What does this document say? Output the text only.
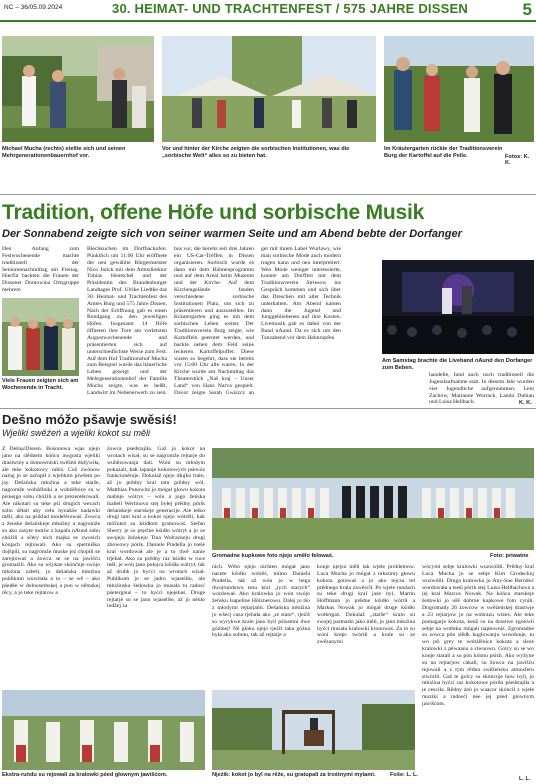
NC – 36/05.09.2024	30. HEIMAT- UND TRACHTENFEST / 575 JAHRE DISSEN	5
Michael Mucha (rechts) stellte sich und seinen Mehrgenerationenbauernhof vor.
Vor und hinter der Kirche zeigten die sorbischen Institutionen, was die „sorbische Welt“ alles so zu bieten hat.
Im Kräutergarten rückte der Traditionsverein Burg der Kartoffel auf die Pelle.	Fotos: K. K.
Tradition, offene Höfe und sorbische Musik
Der Sonnabend zeigte sich von seiner warmen Seite und am Abend bebte der Dorfanger
Den Anfang zum Festwochenende machte traditionell der Seniorennachmittag am Freitag. Hierfür backten die Frauen der Dissener Domowina Ortsgruppe mehrere
Viele Frauen zeigten sich am Wochenende in Tracht.
Blechkuchen im Dorfbackofen. Pünktlich um 11:00 Uhr eröffnete der neu gewählte Bürgermeister Nico Jarick mit dem Amtsdirektor Tobias Hentschel und der Präsidentin des Brandenburger Landtages Prof. Ulrike Liedtke das 30. Heimat- und Trachtenfest des Amtes Burg und 575 Jahre Dissen. Nach der Eröffnung gab es einen Rundgang zu den jeweiligen Höfen. Insgesamt 14 Höfe öffneten ihre Tore am vorletzten Augustwochenende und präsentierten sich auf unterschiedlichste Weise zum Fest. Auf dem Hof Traditionshof Mucha zum Beispiel wurde das bäuerliche Leben gezeigt und der Mehrgenerationenhof der Familie Mucha zeigte, was es heißt, Landwirt im Nebenerwerb zu sein.
bus vor, die bereits seit drei Jahren ein US-Car-Treffen in Dissen organisieren. Sorbisch wurde es dann mit dem Bühnenprogramm und auf dem Areal beim Museum und der Kirche. Auf dem Kirchengelände fanden verschiedene sorbische Institutionen Platz, um sich zu präsentieren und auszustellen. Im Kräutergarten ging es mit dem sorbischen Leben weiter. Der Traditionsverein Burg zeigte, wie Kartoffeln geerntet werden, und backte neben dem Feld seine leckeren Kartoffelpuffer. Diese waren so begehrt, dass sie bereits vor 15:00 Uhr alle waren. In der Kirche wurde am Nachmittag das Theaterstück „Naš kraj – Unser Land“ von Hans Narva gespielt. Davor zeigte Sarah Gwiszcz an
ger mit ihrem Label Wurlawy, wie man sorbische Mode auch modern tragen kann und neu interpretiert. Wen Mode weniger interessierte, konnte am Dorffest mit dem Traditionsverein Striesow ins Gespräch kommen und sich über das Dreschen mit alter Technik unterhalten. Am Abend kamen dann die Jugend und Junggebliebenen auf ihre Kosten. Livemusik gab es dabei von der Band nAund. Da es sich um den Tanzabend vor dem Hahnrupfen
Am Samstag brachte die Liveband nAund den Dorfanger zum Beben.
handelte, fand auch noch traditionell die Jugendaufnahme statt. In diesem Jahr wurden vier Jugendliche aufgenommen: Leni Zachow, Marianne Worrack, Lando Dubian und Luisa Hellbach.	K. K.
Dešno móžo pšawje swěsiś!
Wjeliki swěźeń a wjeliki kokot su měli
Z Dešna/Dissen. Bośonowa wjas njejo jano na slědnem kóńcu awgusta wjeliki drastwiny a domowniski swěźeń dožywiła, ale teke kokotowy rubiś. Což zwónow nalog jo se začopił z wjelikim piwšem po jsy. Dešańska młoźina a teke starše, nagromže wobźělniki a wobźělnice su w pisnejgo sobu chóźili a se prezentěrowali. Ale nikotari su teke pśi drugich wecach sobu źěłali aby cełu hynakše nadawki měli, ako na pśikład modeřérowaś. Zowca a ženske dešańskeje młoźiny a nagromže su ako zasyte motiw z kapalu nAund sobu chóźili a sčery nich majka se zwosich kónjach rejtowali. Ako su spertniško dojšpili, su nagromže muske jeź chopili se zarejtowaś a źowcа se se na jawišću gromaźili. Ako su wšykne skónčnje swójo młoźina zabeli, jo dešańska młoźina publikum wuwitała a to – se wě – ako pśeděe w dolnoserbskej a pon w němskej rěcy, a jo teke rejtarow a
źowca pśedstajiła. Gaž jo kokot na wrotach wisał, su se nagromže rejtarje do wubězowanja dali. Woni su młodym pokazali, kak lapanje kokotowych pśewóz funkcioněruje. Dokulaž njejo dłujko trało, až jo prědny kral tam prědny wól. Matthias Punowitz jo mógał głowu kokota mabnje wótrys – wón a jogo žeńska Isabell Wertinova stej byłej prědny pórik dešańskeje starskeje generacije. Ale telko drugi tam kral a kokot njejo wótrěli, kak móžoteż za kśidłom gramowaś. Stefan Sherry je so pręďne kśidło wótrył a jo ze swojeju žeńskeju Tina Wolrackeju drugi zbowowy pórik. Daniele Pradella jo tsešé kral wordował ale je a to dwě nanie trjebał. Ako su prědny raz kśidło w ruce měl, je wón jano połojca kśidła wótrył, tak až druhk jo hyćci na wrotach wisał. Publikum jo se jadro wjaseliło, ale młoźinska šedowka jo musała tu radosć pśetergnuś – to hyćci njejebaś. Druge rejtarje su se jano wjaseliło, až jo něnto ludžej za
Gromadne kupkowe foto njejo smělo felowaś.	Foto: priwatne
nich. Wěto njejo nichten mógał jano nacete kśidło wótrěś, mimo Daniela Pradella, tak až wón jo w bega dwojrundowu tesu kral „tych starych“ wordował. Ako kralowka jo wón swójo žeńsku Isapeline Hölznerowu. Dalej jo tšo z młodymi rejtarjami. Dešańska młoźina jo wšecj casa rjebała ako „te stare“, rjeźiš so wyrykwe krale jano byli pśisamni dwe góźinej! Ně głoku njejo rjeźiš taka góźna była ako sobotu, tak až rejtarje a
konje njejsu měli tak wjele problemow. Luca Mucha jo mógał z młozimy głowu kokota gotowaś a jo ako tejcsa tel prědnego krala zawěsćił. Po wjele rundach su teke drugi kral jaze byl, Martin Hoffmann jo prědne kśidło wótrił a Markus Nowak jo mógał druge kśidło wottergaś. Dokulaž „starše“ kralo su swojej partnarki jako měli, jo jano młoźina hyčci musała kralowki kronowaś. Za to su wóni kreps twóriłi a krale su ze zwězanymi
wócymi sebje kralowki wuzwóliłi. Prědny kral Luca Mucha jo se sebje Kim Grodeckuj wuzwólił. Druga kralowka jo Any-Sue Berndoć wordowała a tseśi pórik stej Luisa Hellbachová a jej kral Marcus Nowak. Na kóńcu starskeje šedowki jo ušě dobrne kupkowe foto cynili. Dogromady 26 źowcow w swěźeńskej drastwje a 23 rejtarjow jo na wobrazu wiźeś. Ale teke pomagarje kokota, kenž su na drastwe zgotiwli sebje na wotřeku mógali napłowniś. Zgromadne su zowca pón slědk kuglowanju wuwdonje, tu wo pśi grey te wobźělnice kokota a sleze kralowki z pěwaanu a stwuown. Golcy su se wo konje starali a su pón kónnu pśiśli. Ako wyžyne su na rejtarjow cakali, su žowcа na jawišću rejowali a z tym rědnu swěžeńsku atmosferu stwórili. Gaž te golcy su skóncnje how byli, jo młoźina hyčci raz kokotowe póriki pśedstajiła a je cesciła. Rědny źeń jo waacor skóncił z wjele muziki a radosći nee jej pśed głownym jawišćom.
Ekstra-rundu su rejowali za kralowki pśed głownym jawišćom.	Njeźik: kokot jo byl na rěže, su gratupali za trośtnymi mytami.	Foše: L. L.
L. L.
